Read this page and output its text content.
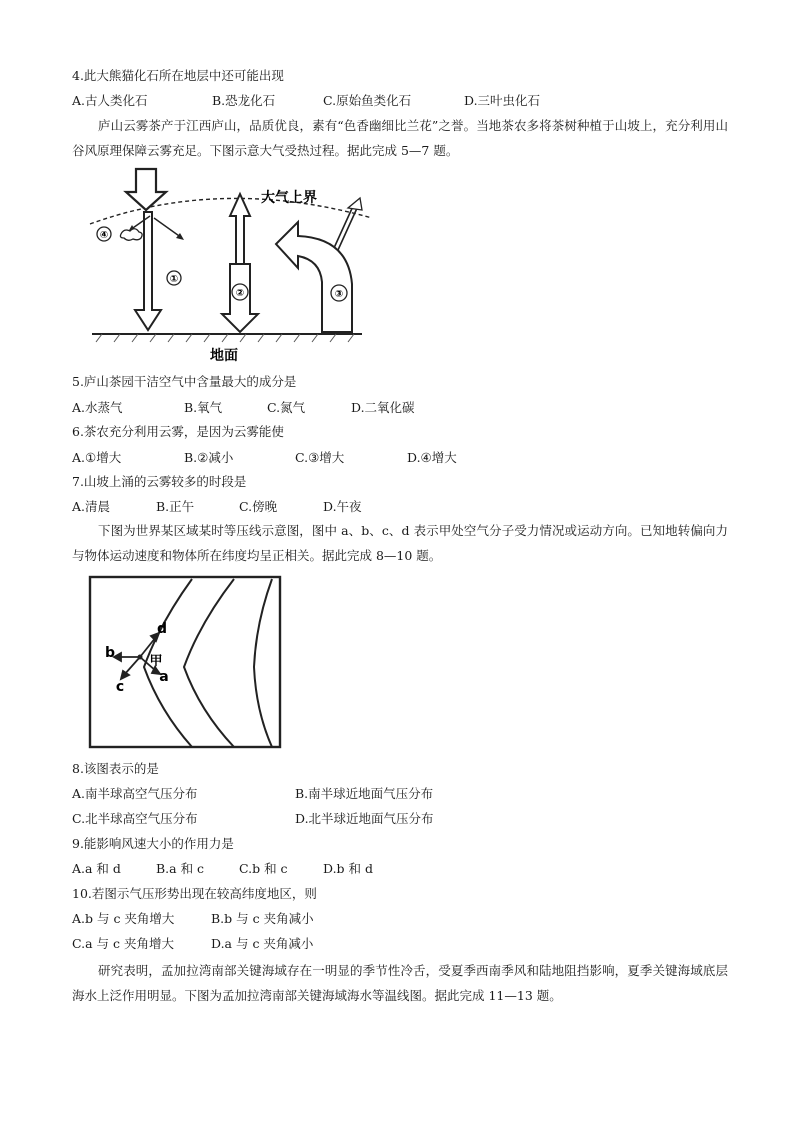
4.此大熊猫化石所在地层中还可能出现
A.古人类化石	B.恐龙化石	C.原始鱼类化石	D.三叶虫化石
庐山云雾茶产于江西庐山，品质优良，素有“色香幽细比兰花”之誉。当地茶农多将茶树种植于山坡上，充分利用山谷风原理保障云雾充足。下图示意大气受热过程。据此完成 5—7 题。
④
①
②	③
大气上界
地面
5.庐山茶园干洁空气中含量最大的成分是
A.水蒸气	B.氧气	C.氮气	D.二氧化碳
6.茶农充分利用云雾，是因为云雾能使
A.①增大	B.②减小	C.③增大	D.④增大
7.山坡上涌的云雾较多的时段是
A.清晨	B.正午	C.傍晚	D.午夜
下图为世界某区域某时等压线示意图，图中 a、b、c、d 表示甲处空气分子受力情况或运动方向。已知地转偏向力与物体运动速度和物体所在纬度均呈正相关。据此完成 8—10 题。
b
d
c
a
甲
8.该图表示的是
A.南半球高空气压分布	B.南半球近地面气压分布
C.北半球高空气压分布	D.北半球近地面气压分布
9.能影响风速大小的作用力是
A.a 和 d	B.a 和 c	C.b 和 c	D.b 和 d
10.若图示气压形势出现在较高纬度地区，则
A.b 与 c 夹角增大	B.b 与 c 夹角减小
C.a 与 c 夹角增大	D.a 与 c 夹角减小
研究表明，孟加拉湾南部关键海域存在一明显的季节性冷舌，受夏季西南季风和陆地阻挡影响，夏季关键海域底层海水上泛作用明显。下图为孟加拉湾南部关键海域海水等温线图。据此完成 11—13 题。
